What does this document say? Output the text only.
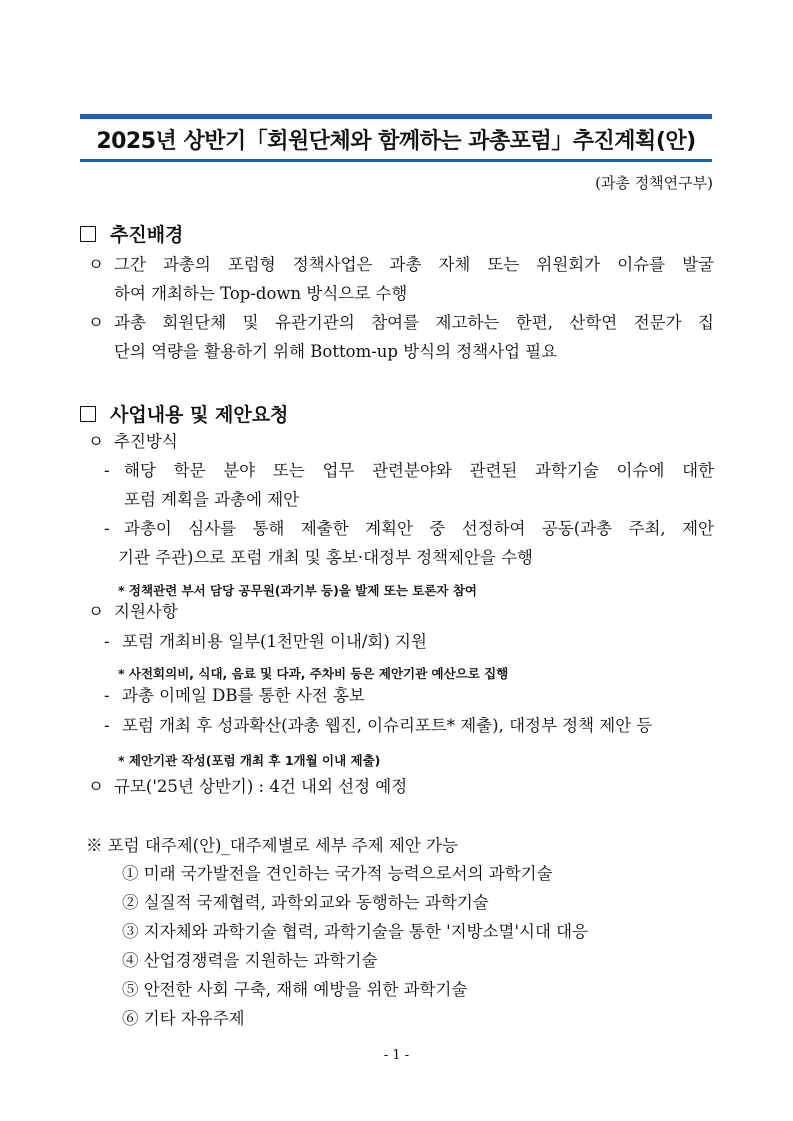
2025년 상반기「회원단체와 함께하는 과총포럼」추진계획(안)
(과총 정책연구부)
추진배경
ㅇ 그간 과총의 포럼형 정책사업은 과총 자체 또는 위원회가 이슈를 발굴
하여 개최하는 Top-down 방식으로 수행
ㅇ 과총 회원단체 및 유관기관의 참여를 제고하는 한편, 산학연 전문가 집
단의 역량을 활용하기 위해 Bottom-up 방식의 정책사업 필요
사업내용 및 제안요청
ㅇ 추진방식
- 해당 학문 분야 또는 업무 관련분야와 관련된 과학기술 이슈에 대한
포럼 계획을 과총에 제안
- 과총이 심사를 통해 제출한 계획안 중 선정하여 공동(과총 주최, 제안
기관 주관)으로 포럼 개최 및 홍보·대정부 정책제안을 수행
* 정책관련 부서 담당 공무원(과기부 등)을 발제 또는 토론자 참여
ㅇ 지원사항
- 포럼 개최비용 일부(1천만원 이내/회) 지원
* 사전회의비, 식대, 음료 및 다과, 주차비 등은 제안기관 예산으로 집행
- 과총 이메일 DB를 통한 사전 홍보
- 포럼 개최 후 성과확산(과총 웹진, 이슈리포트* 제출), 대정부 정책 제안 등
* 제안기관 작성(포럼 개최 후 1개월 이내 제출)
ㅇ 규모('25년 상반기) : 4건 내외 선정 예정
※ 포럼 대주제(안)_대주제별로 세부 주제 제안 가능
① 미래 국가발전을 견인하는 국가적 능력으로서의 과학기술
② 실질적 국제협력, 과학외교와 동행하는 과학기술
③ 지자체와 과학기술 협력, 과학기술을 통한 '지방소멸'시대 대응
④ 산업경쟁력을 지원하는 과학기술
⑤ 안전한 사회 구축, 재해 예방을 위한 과학기술
⑥ 기타 자유주제
- 1 -
